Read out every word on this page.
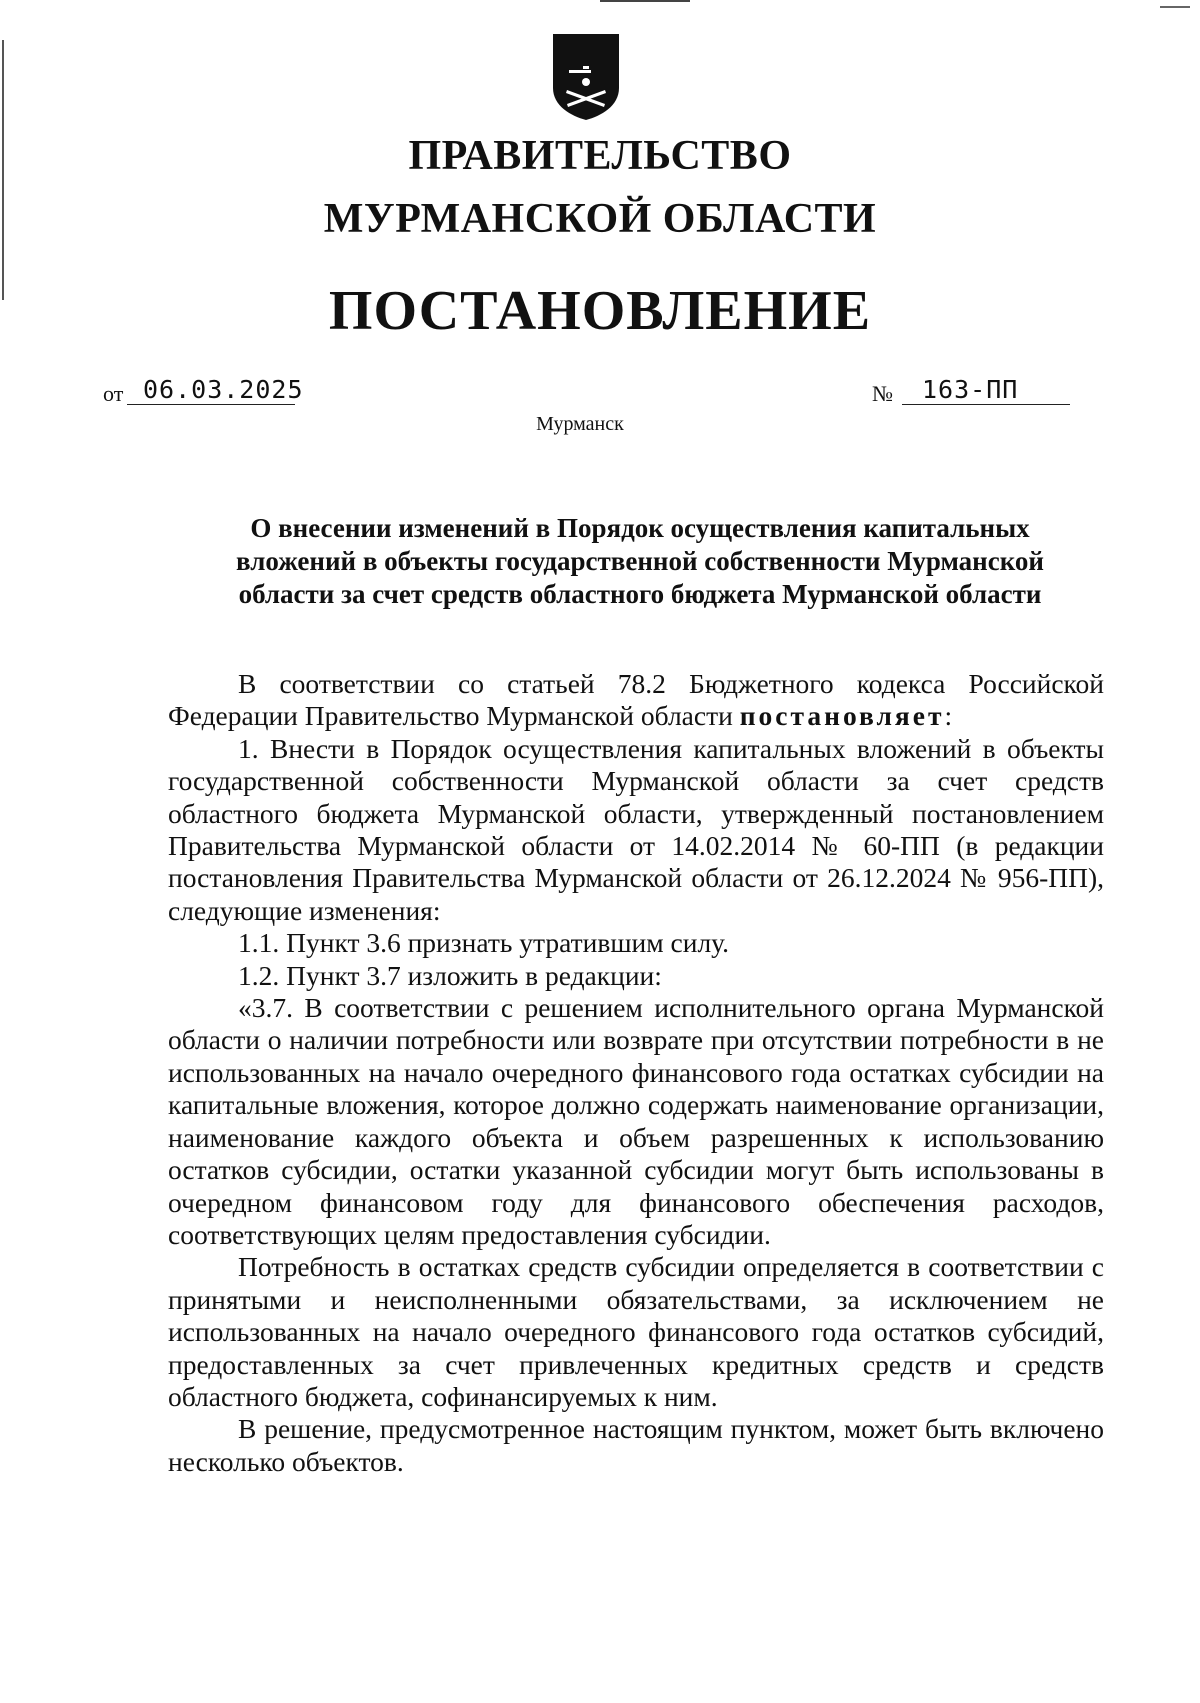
ПРАВИТЕЛЬСТВО
МУРМАНСКОЙ ОБЛАСТИ
ПОСТАНОВЛЕНИЕ
от 06.03.2025	№ 163-ПП
Мурманск
О внесении изменений в Порядок осуществления капитальных вложений в объекты государственной собственности Мурманской области за счет средств областного бюджета Мурманской области

В соответствии со статьей 78.2 Бюджетного кодекса Российской Федерации Правительство Мурманской области постановляет:

1. Внести в Порядок осуществления капитальных вложений в объекты государственной собственности Мурманской области за счет средств областного бюджета Мурманской области, утвержденный постановлением Правительства Мурманской области от 14.02.2014 № 60-ПП (в редакции постановления Правительства Мурманской области от 26.12.2024 № 956-ПП), следующие изменения:

1.1. Пункт 3.6 признать утратившим силу.

1.2. Пункт 3.7 изложить в редакции:

«3.7. В соответствии с решением исполнительного органа Мурманской области о наличии потребности или возврате при отсутствии потребности в не использованных на начало очередного финансового года остатках субсидии на капитальные вложения, которое должно содержать наименование организации, наименование каждого объекта и объем разрешенных к использованию остатков субсидии, остатки указанной субсидии могут быть использованы в очередном финансовом году для финансового обеспечения расходов, соответствующих целям предоставления субсидии.

Потребность в остатках средств субсидии определяется в соответствии с принятыми и неисполненными обязательствами, за исключением не использованных на начало очередного финансового года остатков субсидий, предоставленных за счет привлеченных кредитных средств и средств областного бюджета, софинансируемых к ним.

В решение, предусмотренное настоящим пунктом, может быть включено несколько объектов.
